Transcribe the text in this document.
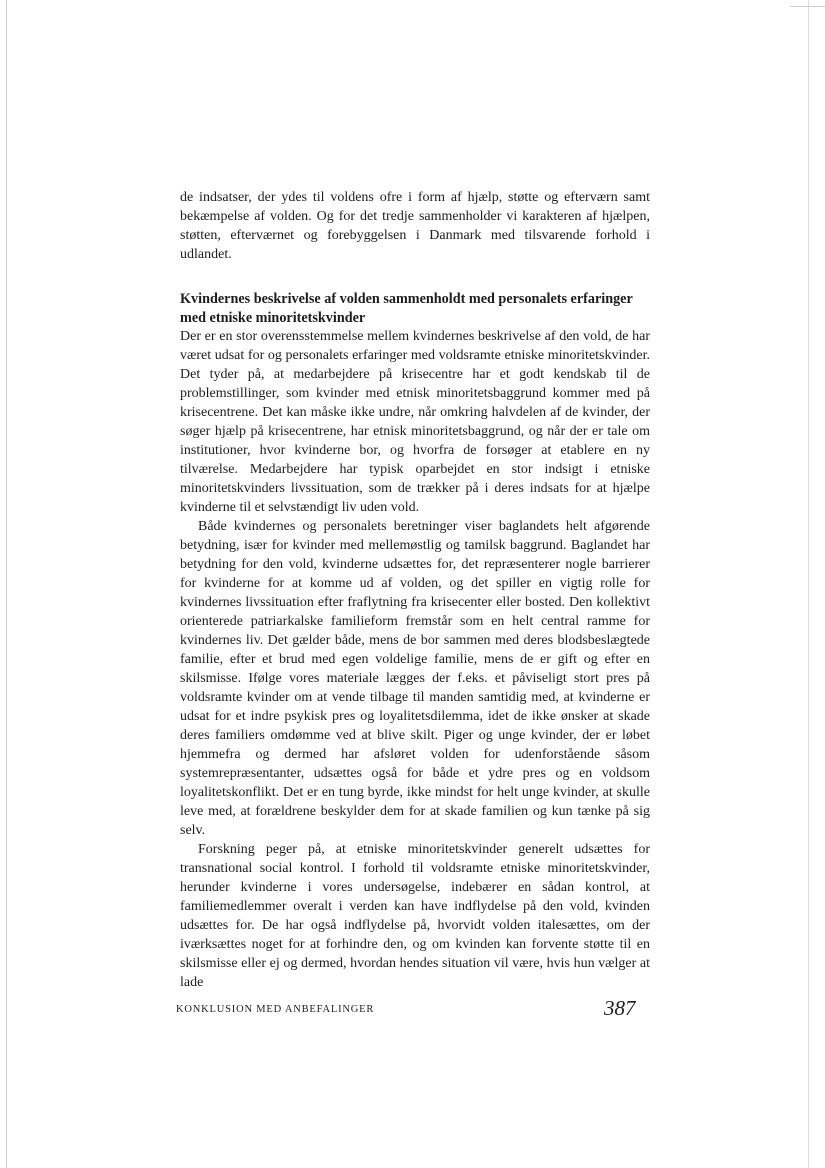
de indsatser, der ydes til voldens ofre i form af hjælp, støtte og efterværn samt bekæmpelse af volden. Og for det tredje sammenholder vi karakteren af hjælpen, støtten, efterværnet og forebyggelsen i Danmark med tilsvarende forhold i udlandet.

Kvindernes beskrivelse af volden sammenholdt med personalets erfaringer med etniske minoritetskvinder

Der er en stor overensstemmelse mellem kvindernes beskrivelse af den vold, de har været udsat for og personalets erfaringer med voldsramte etniske minoritetskvinder. Det tyder på, at medarbejdere på krisecentre har et godt kendskab til de problemstillinger, som kvinder med etnisk minoritetsbaggrund kommer med på krisecentrene. Det kan måske ikke undre, når omkring halvdelen af de kvinder, der søger hjælp på krisecentrene, har etnisk minoritetsbaggrund, og når der er tale om institutioner, hvor kvinderne bor, og hvorfra de forsøger at etablere en ny tilværelse. Medarbejdere har typisk oparbejdet en stor indsigt i etniske minoritetskvinders livssituation, som de trækker på i deres indsats for at hjælpe kvinderne til et selvstændigt liv uden vold.

Både kvindernes og personalets beretninger viser baglandets helt afgørende betydning, især for kvinder med mellemøstlig og tamilsk baggrund. Baglandet har betydning for den vold, kvinderne udsættes for, det repræsenterer nogle barrierer for kvinderne for at komme ud af volden, og det spiller en vigtig rolle for kvindernes livssituation efter fraflytning fra krisecenter eller bosted. Den kollektivt orienterede patriarkalske familieform fremstår som en helt central ramme for kvindernes liv. Det gælder både, mens de bor sammen med deres blodsbeslægtede familie, efter et brud med egen voldelige familie, mens de er gift og efter en skilsmisse. Ifølge vores materiale lægges der f.eks. et påviseligt stort pres på voldsramte kvinder om at vende tilbage til manden samtidig med, at kvinderne er udsat for et indre psykisk pres og loyalitetsdilemma, idet de ikke ønsker at skade deres familiers omdømme ved at blive skilt. Piger og unge kvinder, der er løbet hjemmefra og dermed har afsløret volden for udenforstående såsom systemrepræsentanter, udsættes også for både et ydre pres og en voldsom loyalitetskonflikt. Det er en tung byrde, ikke mindst for helt unge kvinder, at skulle leve med, at forældrene beskylder dem for at skade familien og kun tænke på sig selv.

Forskning peger på, at etniske minoritetskvinder generelt udsættes for transnational social kontrol. I forhold til voldsramte etniske minoritetskvinder, herunder kvinderne i vores undersøgelse, indebærer en sådan kontrol, at familiemedlemmer overalt i verden kan have indflydelse på den vold, kvinden udsættes for. De har også indflydelse på, hvorvidt volden italesættes, om der iværksættes noget for at forhindre den, og om kvinden kan forvente støtte til en skilsmisse eller ej og dermed, hvordan hendes situation vil være, hvis hun vælger at lade

KONKLUSION MED ANBEFALINGER	387
